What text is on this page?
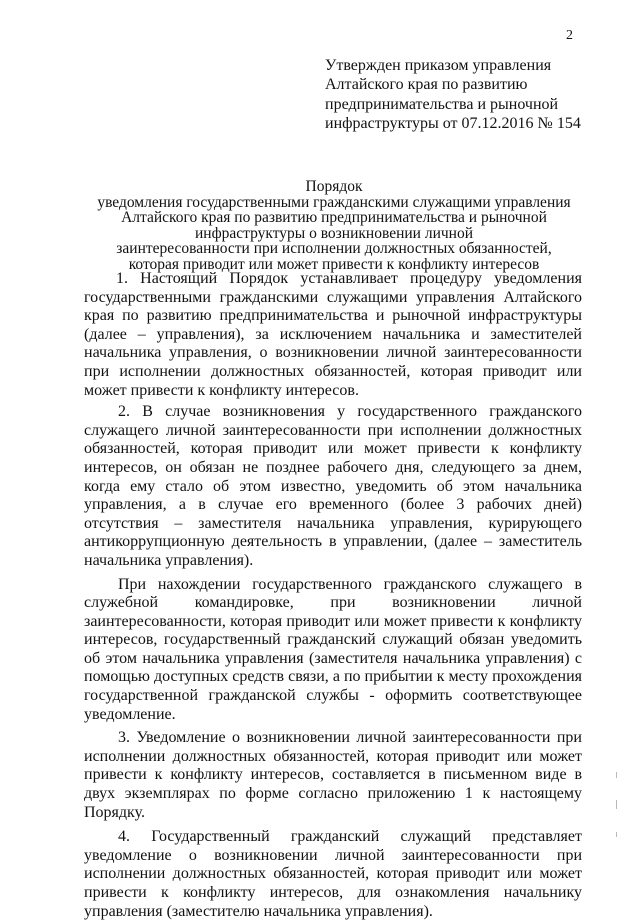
2
Утвержден приказом управления
Алтайского края по развитию
предпринимательства и рыночной
инфраструктуры от 07.12.2016 № 154
Порядок
уведомления государственными гражданскими служащими управления
Алтайского края по развитию предпринимательства и рыночной
инфраструктуры о возникновении личной
заинтересованности при исполнении должностных обязанностей,
которая приводит или может привести к конфликту интересов

1. Настоящий Порядок устанавливает процедуру уведомления государственными гражданскими служащими управления Алтайского края по развитию предпринимательства и рыночной инфраструктуры (далее – управления), за исключением начальника и заместителей начальника управления, о возникновении личной заинтересованности при исполнении должностных обязанностей, которая приводит или может привести к конфликту интересов.

2. В случае возникновения у государственного гражданского служащего личной заинтересованности при исполнении должностных обязанностей, которая приводит или может привести к конфликту интересов, он обязан не позднее рабочего дня, следующего за днем, когда ему стало об этом известно, уведомить об этом начальника управления, а в случае его временного (более 3 рабочих дней) отсутствия – заместителя начальника управления, курирующего антикоррупционную деятельность в управлении, (далее – заместитель начальника управления).

При нахождении государственного гражданского служащего в служебной командировке, при возникновении личной заинтересованности, которая приводит или может привести к конфликту интересов, государственный гражданский служащий обязан уведомить об этом начальника управления (заместителя начальника управления) с помощью доступных средств связи, а по прибытии к месту прохождения государственной гражданской службы - оформить соответствующее уведомление.

3. Уведомление о возникновении личной заинтересованности при исполнении должностных обязанностей, которая приводит или может привести к конфликту интересов, составляется в письменном виде в двух экземплярах по форме согласно приложению 1 к настоящему Порядку.

4. Государственный гражданский служащий представляет уведомление о возникновении личной заинтересованности при исполнении должностных обязанностей, которая приводит или может привести к конфликту интересов, для ознакомления начальнику управления (заместителю начальника управления).
